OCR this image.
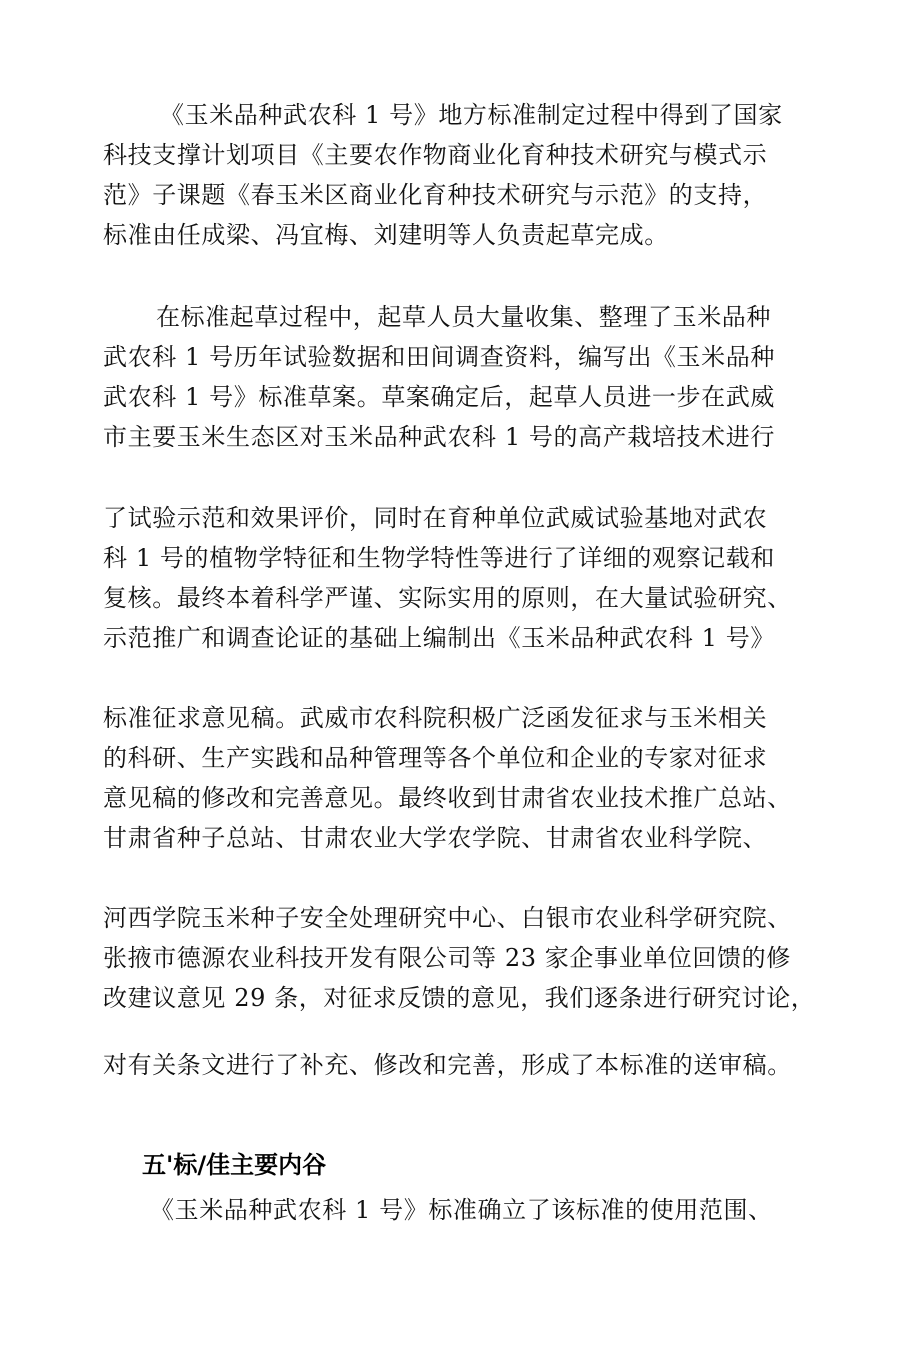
《玉米品种武农科 1 号》地方标准制定过程中得到了国家
科技支撑计划项目《主要农作物商业化育种技术研究与模式示
范》子课题《春玉米区商业化育种技术研究与示范》的支持，
标准由任成梁、冯宜梅、刘建明等人负责起草完成。
在标准起草过程中，起草人员大量收集、整理了玉米品种
武农科 1 号历年试验数据和田间调查资料，编写出《玉米品种
武农科 1 号》标准草案。草案确定后，起草人员进一步在武威
市主要玉米生态区对玉米品种武农科 1 号的高产栽培技术进行
了试验示范和效果评价，同时在育种单位武威试验基地对武农
科 1 号的植物学特征和生物学特性等进行了详细的观察记载和
复核。最终本着科学严谨、实际实用的原则，在大量试验研究、
示范推广和调查论证的基础上编制出《玉米品种武农科 1 号》
标准征求意见稿。武威市农科院积极广泛函发征求与玉米相关
的科研、生产实践和品种管理等各个单位和企业的专家对征求
意见稿的修改和完善意见。最终收到甘肃省农业技术推广总站、
甘肃省种子总站、甘肃农业大学农学院、甘肃省农业科学院、
河西学院玉米种子安全处理研究中心、白银市农业科学研究院、
张掖市德源农业科技开发有限公司等 23 家企事业单位回馈的修
改建议意见 29 条，对征求反馈的意见，我们逐条进行研究讨论，
对有关条文进行了补充、修改和完善，形成了本标准的送审稿。
五'标/佳主要内谷
《玉米品种武农科 1 号》标准确立了该标准的使用范围、
